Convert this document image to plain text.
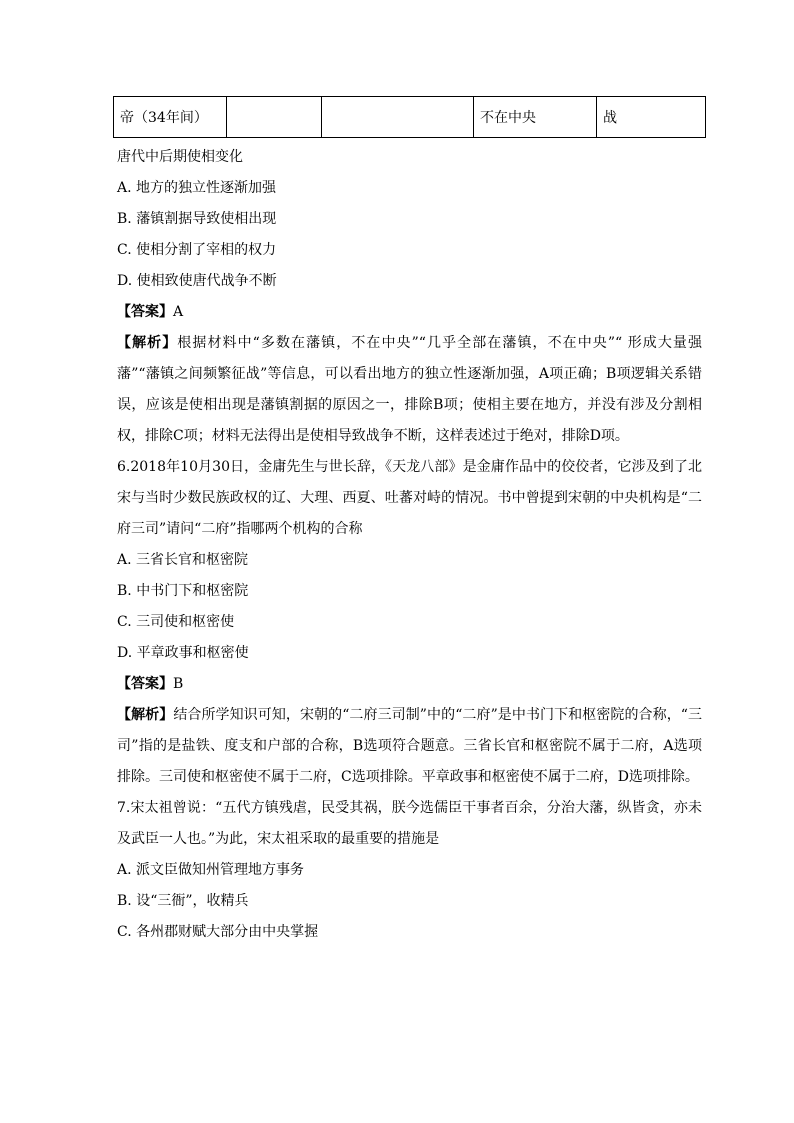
帝（34年间）			不在中央	战

唐代中后期使相变化

A. 地方的独立性逐渐加强

B. 藩镇割据导致使相出现

C. 使相分割了宰相的权力

D. 使相致使唐代战争不断

【答案】A

【解析】根据材料中“多数在藩镇，不在中央”“几乎全部在藩镇，不在中央”“ 形成大量强藩”“藩镇之间频繁征战”等信息，可以看出地方的独立性逐渐加强，A项正确；B项逻辑关系错误，应该是使相出现是藩镇割据的原因之一，排除B项；使相主要在地方，并没有涉及分割相权，排除C项；材料无法得出是使相导致战争不断，这样表述过于绝对，排除D项。

6.2018年10月30日，金庸先生与世长辞，《天龙八部》是金庸作品中的佼佼者，它涉及到了北宋与当时少数民族政权的辽、大理、西夏、吐蕃对峙的情况。书中曾提到宋朝的中央机构是“二府三司”请问“二府”指哪两个机构的合称

A. 三省长官和枢密院

B. 中书门下和枢密院

C. 三司使和枢密使

D. 平章政事和枢密使

【答案】B

【解析】结合所学知识可知，宋朝的“二府三司制”中的“二府”是中书门下和枢密院的合称，“三司”指的是盐铁、度支和户部的合称，B选项符合题意。三省长官和枢密院不属于二府，A选项排除。三司使和枢密使不属于二府，C选项排除。平章政事和枢密使不属于二府，D选项排除。

7.宋太祖曾说：“五代方镇残虐，民受其祸，朕今选儒臣干事者百余，分治大藩，纵皆贪，亦未及武臣一人也。”为此，宋太祖采取的最重要的措施是

A. 派文臣做知州管理地方事务

B. 设“三衙”，收精兵

C. 各州郡财赋大部分由中央掌握
